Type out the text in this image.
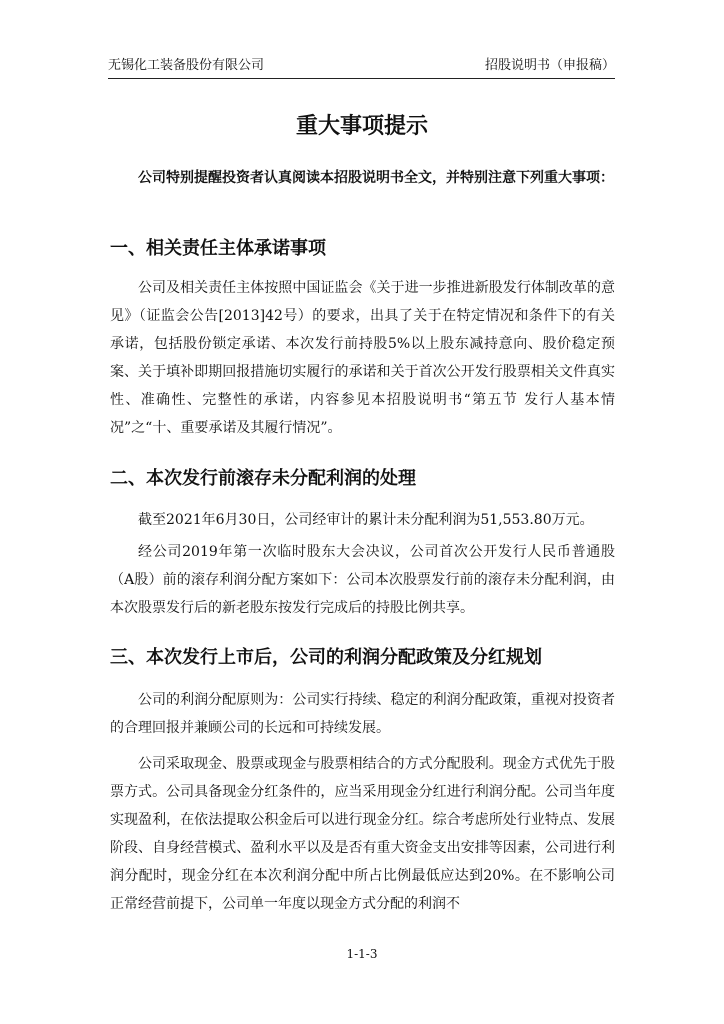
无锡化工装备股份有限公司	招股说明书（申报稿）
重大事项提示

公司特别提醒投资者认真阅读本招股说明书全文，并特别注意下列重大事项：

一、相关责任主体承诺事项

公司及相关责任主体按照中国证监会《关于进一步推进新股发行体制改革的意见》（证监会公告[2013]42号）的要求，出具了关于在特定情况和条件下的有关承诺，包括股份锁定承诺、本次发行前持股5%以上股东减持意向、股价稳定预案、关于填补即期回报措施切实履行的承诺和关于首次公开发行股票相关文件真实性、准确性、完整性的承诺，内容参见本招股说明书“第五节 发行人基本情况”之“十、重要承诺及其履行情况”。

二、本次发行前滚存未分配利润的处理

截至2021年6月30日，公司经审计的累计未分配利润为51,553.80万元。

经公司2019年第一次临时股东大会决议，公司首次公开发行人民币普通股（A股）前的滚存利润分配方案如下：公司本次股票发行前的滚存未分配利润，由本次股票发行后的新老股东按发行完成后的持股比例共享。

三、本次发行上市后，公司的利润分配政策及分红规划

公司的利润分配原则为：公司实行持续、稳定的利润分配政策，重视对投资者的合理回报并兼顾公司的长远和可持续发展。

公司采取现金、股票或现金与股票相结合的方式分配股利。现金方式优先于股票方式。公司具备现金分红条件的，应当采用现金分红进行利润分配。公司当年度实现盈利，在依法提取公积金后可以进行现金分红。综合考虑所处行业特点、发展阶段、自身经营模式、盈利水平以及是否有重大资金支出安排等因素，公司进行利润分配时，现金分红在本次利润分配中所占比例最低应达到20%。在不影响公司正常经营前提下，公司单一年度以现金方式分配的利润不

1-1-3
